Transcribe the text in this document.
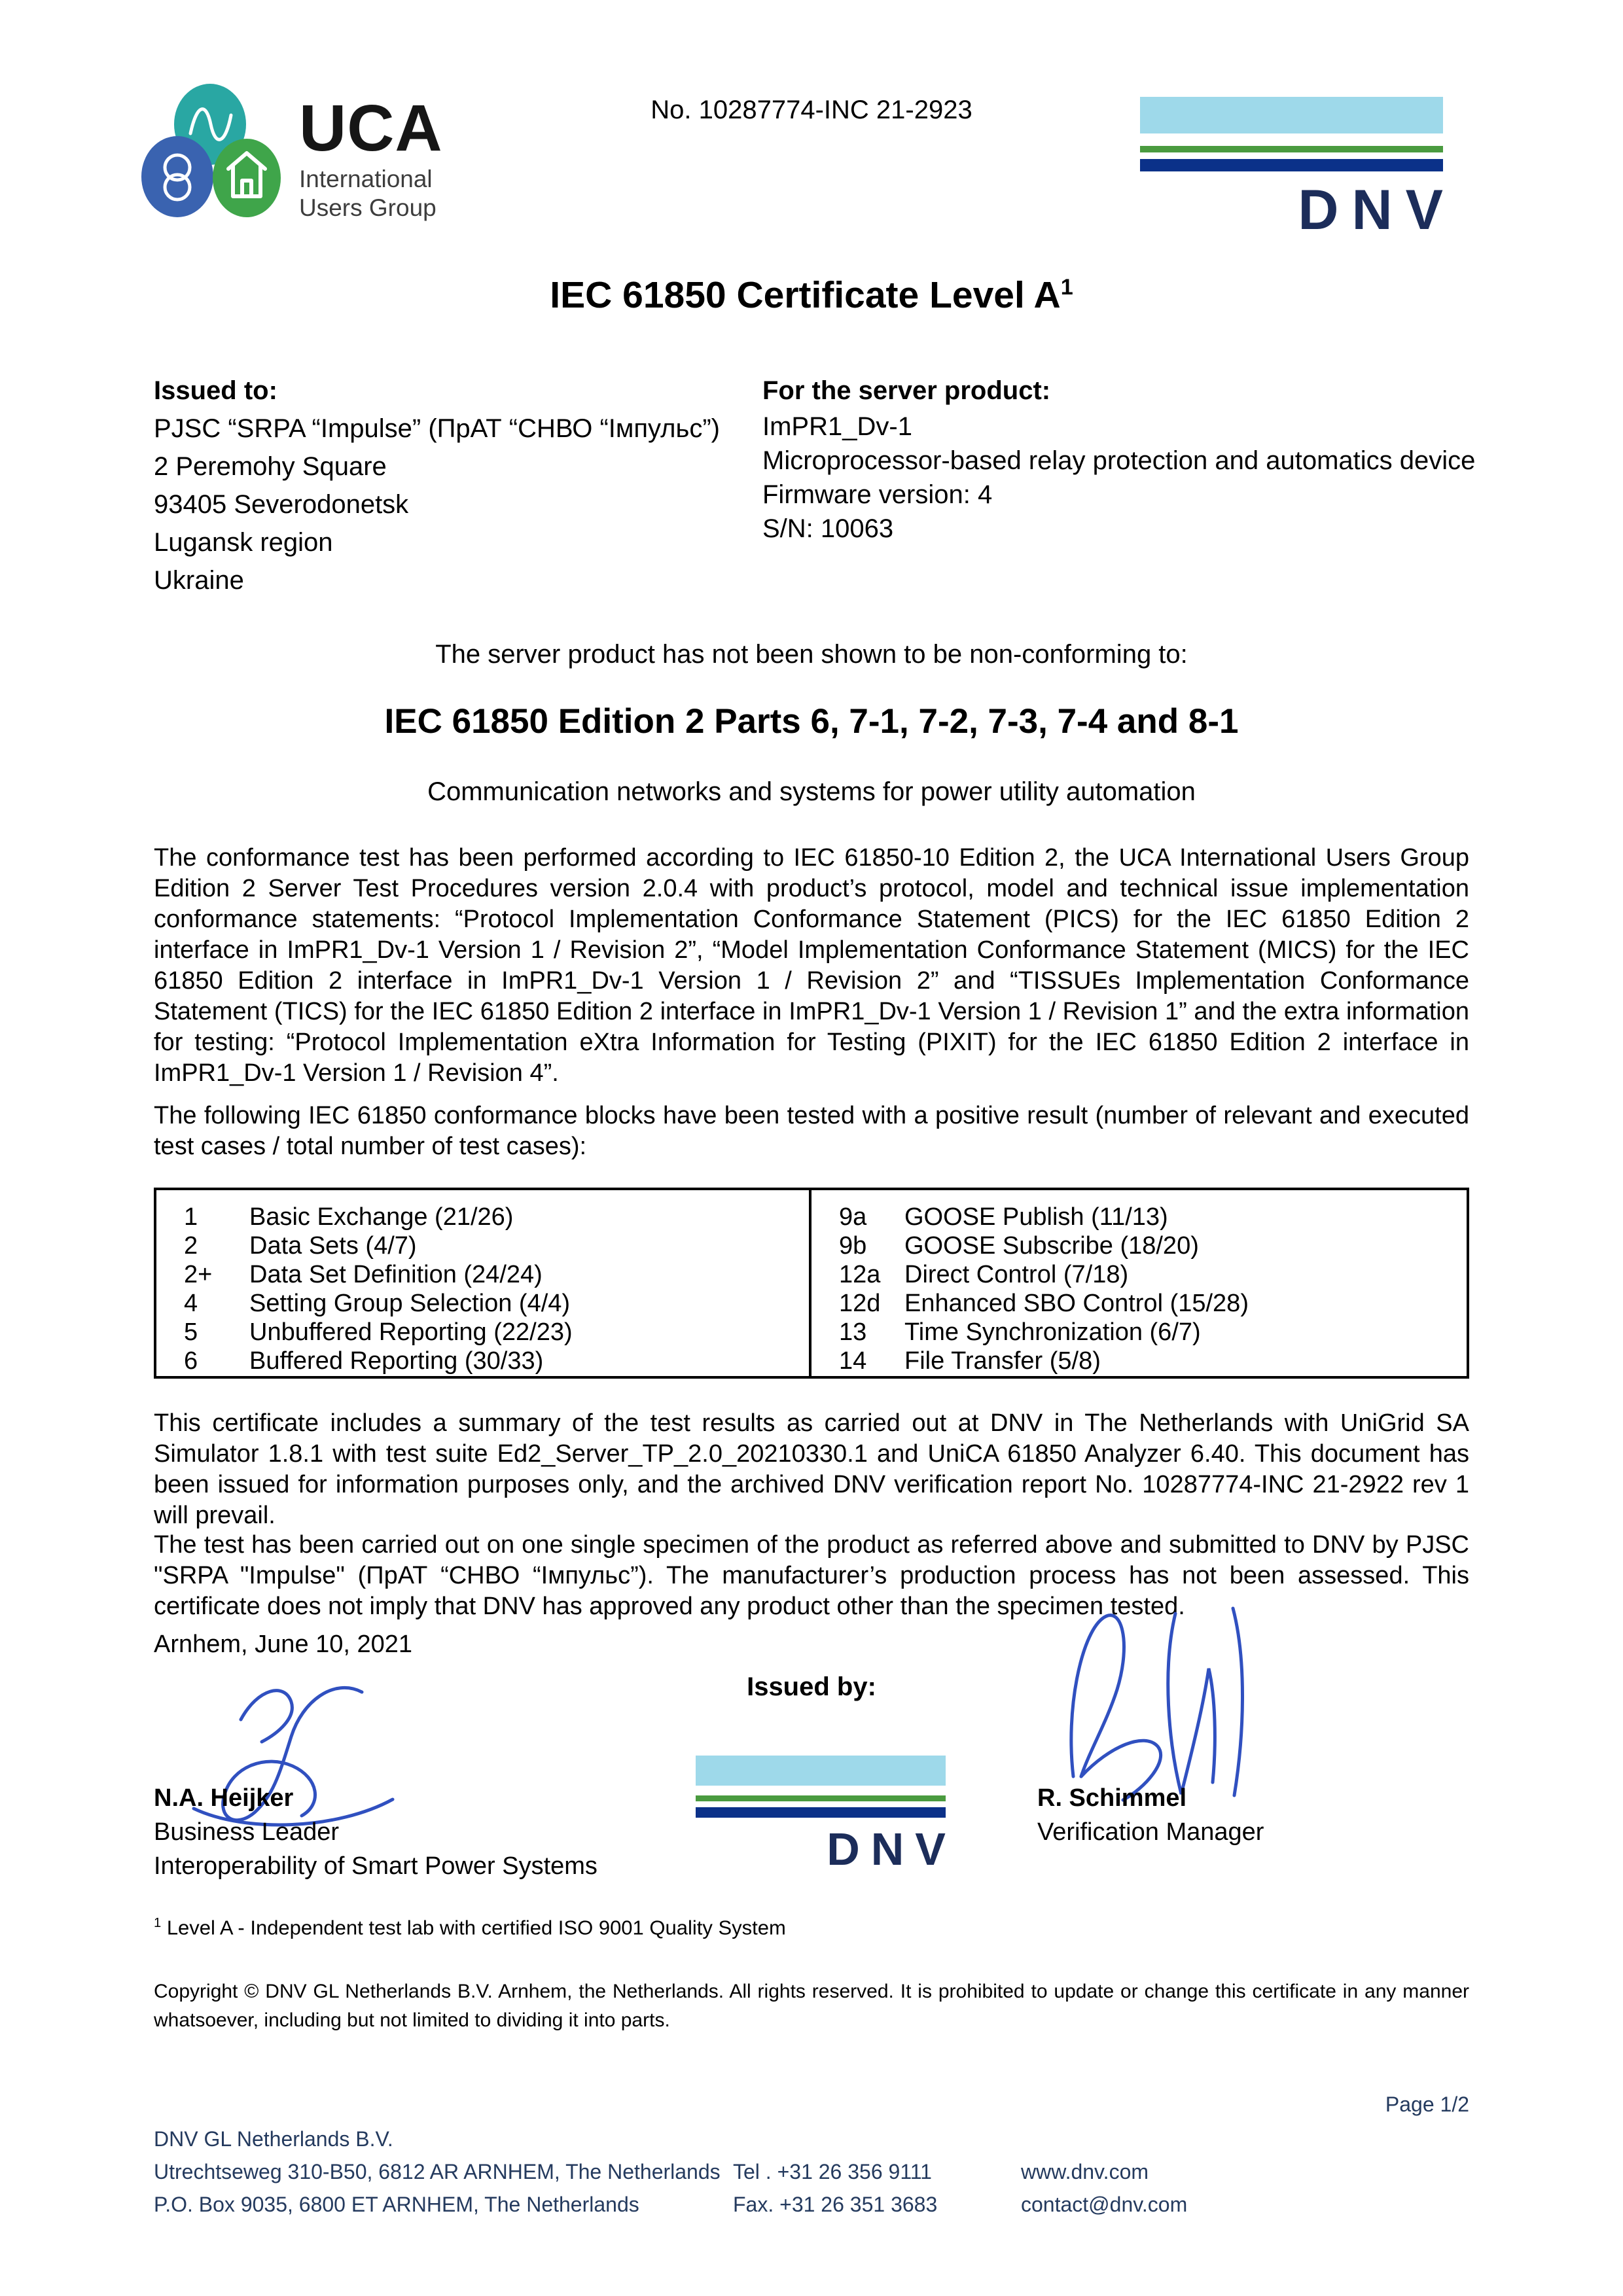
UCA
International
Users Group
No. 10287774-INC 21-2923
DNV
IEC 61850 Certificate Level $A^1$
Issued to:
PJSC “SRPA “Impulse” (ПрАТ “СНВО “Імпульс”)
2 Peremohy Square
93405 Severodonetsk
Lugansk region
Ukraine
For the server product:
ImPR1_Dv-1
Microprocessor-based relay protection and automatics device
Firmware version: 4
S/N: 10063
The server product has not been shown to be non-conforming to:
IEC 61850 Edition 2 Parts 6, 7-1, 7-2, 7-3, 7-4 and 8-1
Communication networks and systems for power utility automation
The conformance test has been performed according to IEC 61850-10 Edition 2, the UCA International Users Group Edition 2 Server Test Procedures version 2.0.4 with product’s protocol, model and technical issue implementation conformance statements: “Protocol Implementation Conformance Statement (PICS) for the IEC 61850 Edition 2 interface in ImPR1_Dv-1 Version 1 / Revision 2”, “Model Implementation Conformance Statement (MICS) for the IEC 61850 Edition 2 interface in ImPR1_Dv-1 Version 1 / Revision 2” and “TISSUEs Implementation Conformance Statement (TICS) for the IEC 61850 Edition 2 interface in ImPR1_Dv-1 Version 1 / Revision 1” and the extra information for testing: “Protocol Implementation eXtra Information for Testing (PIXIT) for the IEC 61850 Edition 2 interface in ImPR1_Dv-1 Version 1 / Revision 4”.
The following IEC 61850 conformance blocks have been tested with a positive result (number of relevant and executed test cases / total number of test cases):
1	Basic Exchange (21/26)
2	Data Sets (4/7)
2+	Data Set Definition (24/24)
4	Setting Group Selection (4/4)
5	Unbuffered Reporting (22/23)
6	Buffered Reporting (30/33)
9a	GOOSE Publish (11/13)
9b	GOOSE Subscribe (18/20)
12a Direct Control (7/18)
12d Enhanced SBO Control (15/28)
13	Time Synchronization (6/7)
14	File Transfer (5/8)
This certificate includes a summary of the test results as carried out at DNV in The Netherlands with UniGrid SA Simulator 1.8.1 with test suite Ed2_Server_TP_2.0_20210330.1 and UniCA 61850 Analyzer 6.40. This document has been issued for information purposes only, and the archived DNV verification report No. 10287774-INC 21-2922 rev 1 will prevail.
The test has been carried out on one single specimen of the product as referred above and submitted to DNV by PJSC "SRPA "Impulse" (ПрАТ “СНВО “Імпульс”). The manufacturer’s production process has not been assessed. This certificate does not imply that DNV has approved any product other than the specimen tested.
Arnhem, June 10, 2021
Issued by:
DNV
N.A. Heijker
Business Leader
Interoperability of Smart Power Systems
R. Schimmel
Verification Manager
$^1$ Level A - Independent test lab with certified ISO 9001 Quality System
Copyright © DNV GL Netherlands B.V. Arnhem, the Netherlands. All rights reserved. It is prohibited to update or change this certificate in any manner whatsoever, including but not limited to dividing it into parts.
Page 1/2
DNV GL Netherlands B.V.
Utrechtseweg 310-B50, 6812 AR ARNHEM, The Netherlands Tel . +31 26 356 9111	www.dnv.com
P.O. Box 9035, 6800 ET ARNHEM, The Netherlands	Fax. +31 26 351 3683	contact@dnv.com
